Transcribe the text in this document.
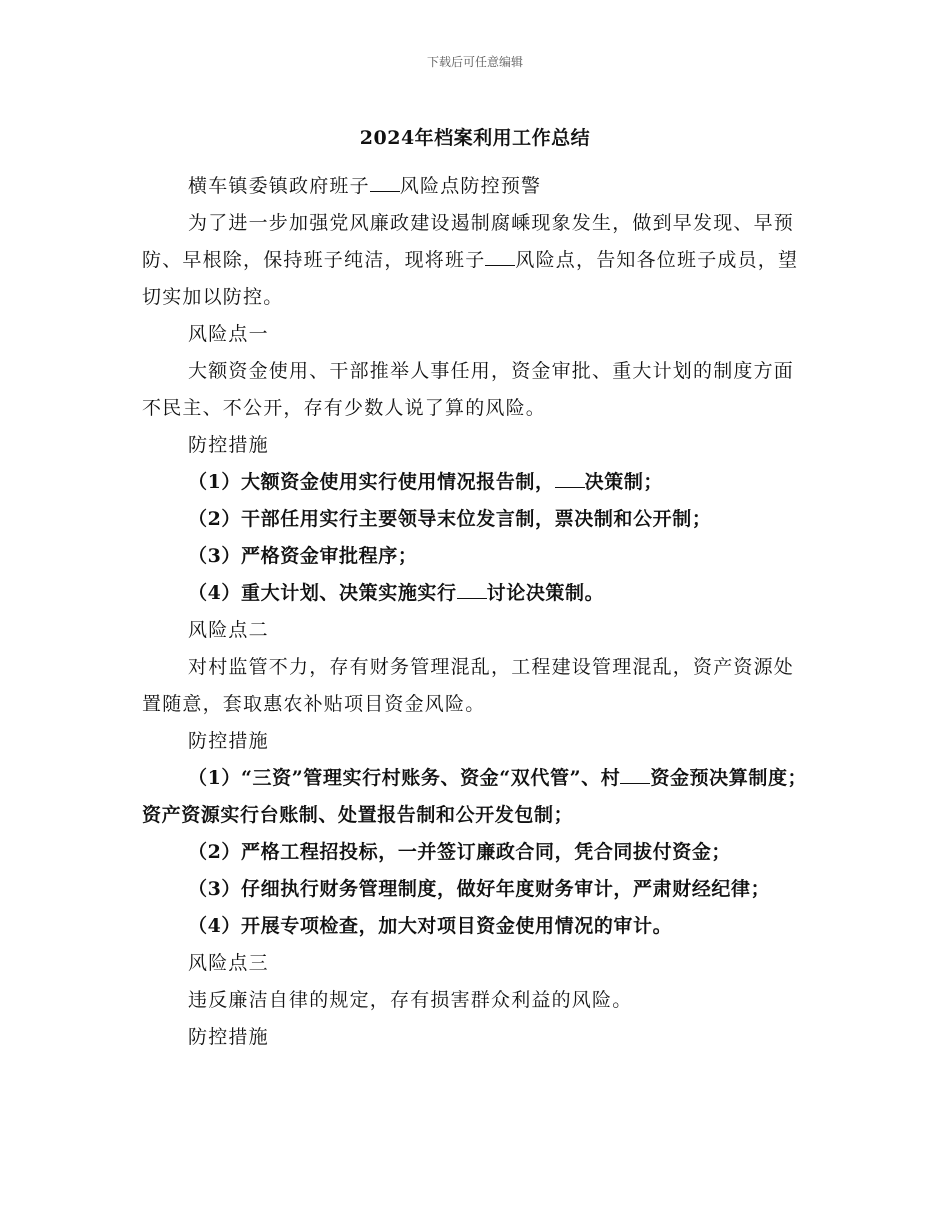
下载后可任意编辑
2024年档案利用工作总结

横车镇委镇政府班子 风险点防控预警

为了进一步加强党风廉政建设遏制腐嵊现象发生，做到早发现、早预防、早根除，保持班子纯洁，现将班子 风险点，告知各位班子成员，望切实加以防控。

风险点一

大额资金使用、干部推举人事任用，资金审批、重大计划的制度方面不民主、不公开，存有少数人说了算的风险。

防控措施

（1）大额资金使用实行使用情况报告制， 决策制；

（2）干部任用实行主要领导末位发言制，票决制和公开制；

（3）严格资金审批程序；

（4）重大计划、决策实施实行 讨论决策制。

风险点二

对村监管不力，存有财务管理混乱，工程建设管理混乱，资产资源处置随意，套取惠农补贴项目资金风险。

防控措施

（1）“三资”管理实行村账务、资金“双代管”、村 资金预决算制度；资产资源实行台账制、处置报告制和公开发包制；

（2）严格工程招投标，一并签订廉政合同，凭合同拔付资金；

（3）仔细执行财务管理制度，做好年度财务审计，严肃财经纪律；

（4）开展专项检查，加大对项目资金使用情况的审计。

风险点三

违反廉洁自律的规定，存有损害群众利益的风险。

防控措施
